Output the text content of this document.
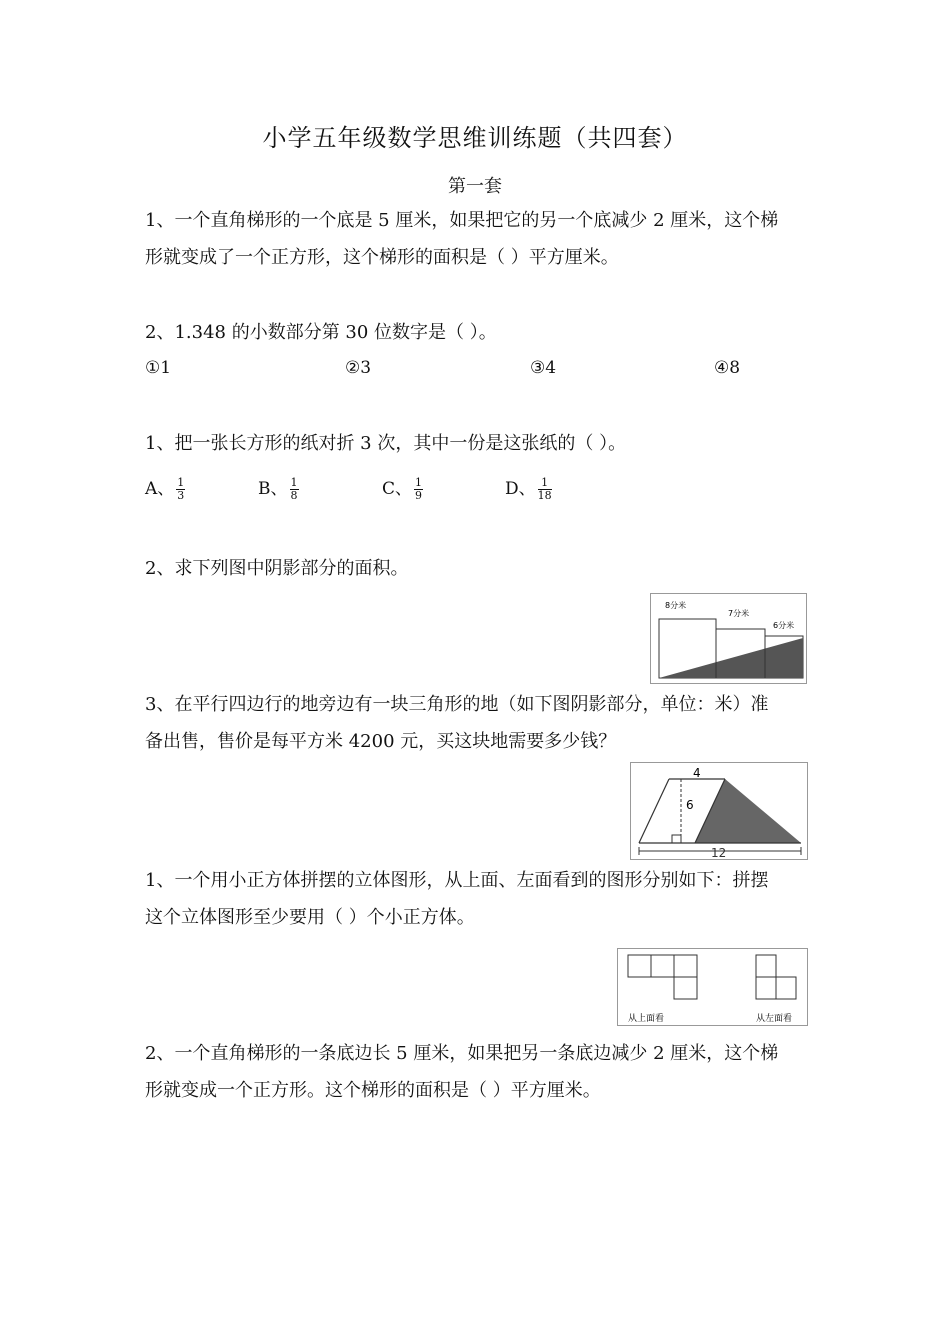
小学五年级数学思维训练题（共四套）
第一套
1、一个直角梯形的一个底是 5 厘米，如果把它的另一个底减少 2 厘米，这个梯
形就变成了一个正方形，这个梯形的面积是（ ）平方厘米。
2、1.348 的小数部分第 30 位数字是（ ）。
①1	②3	③4	④8
1、把一张长方形的纸对折 3 次，其中一份是这张纸的（ ）。
A、 $\frac{1}{3}$	B、 $\frac{1}{8}$	C、 $\frac{1}{9}$	D、 $\frac{1}{18}$
2、求下列图中阴影部分的面积。
8分米
7分米
6分米
3、在平行四边行的地旁边有一块三角形的地（如下图阴影部分，单位：米）准
备出售，售价是每平方米 4200 元，买这块地需要多少钱？
4
6
12
1、一个用小正方体拼摆的立体图形，从上面、左面看到的图形分别如下：拼摆
这个立体图形至少要用（ ）个小正方体。
从上面看	从左面看
2、一个直角梯形的一条底边长 5 厘米，如果把另一条底边减少 2 厘米，这个梯
形就变成一个正方形。这个梯形的面积是（ ）平方厘米。
